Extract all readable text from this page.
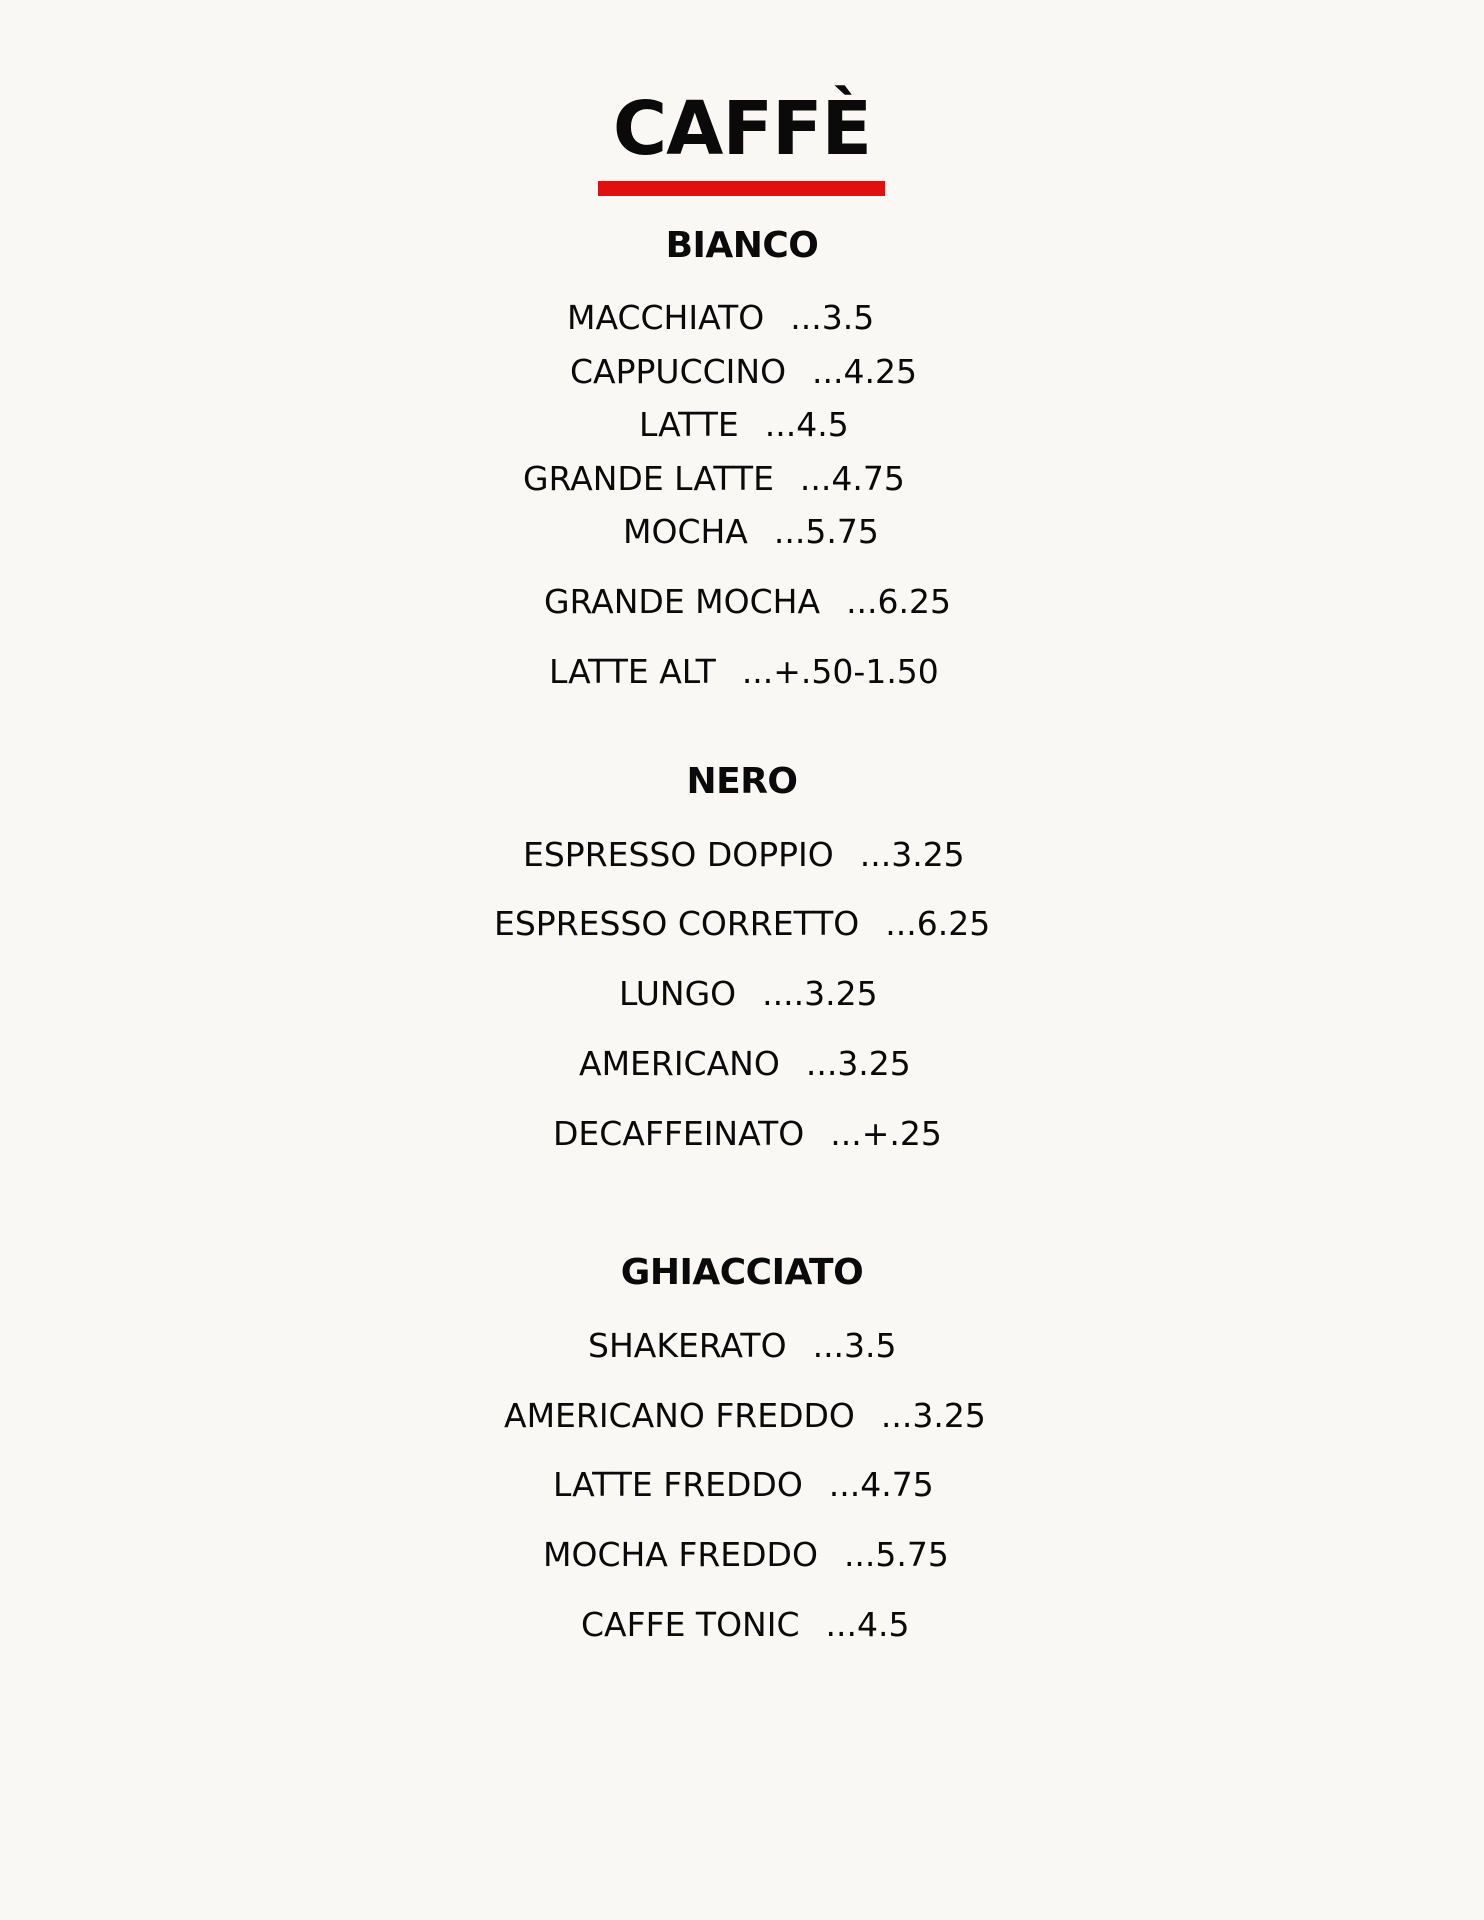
CAFFÈ
BIANCO
MACCHIATO ...3.5
CAPPUCCINO ...4.25
LATTE ...4.5
GRANDE LATTE ...4.75
MOCHA ...5.75
GRANDE MOCHA ...6.25
LATTE ALT ...+.50-1.50
NERO
ESPRESSO DOPPIO ...3.25
ESPRESSO CORRETTO ...6.25
LUNGO ....3.25
AMERICANO ...3.25
DECAFFEINATO ...+.25
GHIACCIATO
SHAKERATO ...3.5
AMERICANO FREDDO ...3.25
LATTE FREDDO ...4.75
MOCHA FREDDO ...5.75
CAFFE TONIC ...4.5
